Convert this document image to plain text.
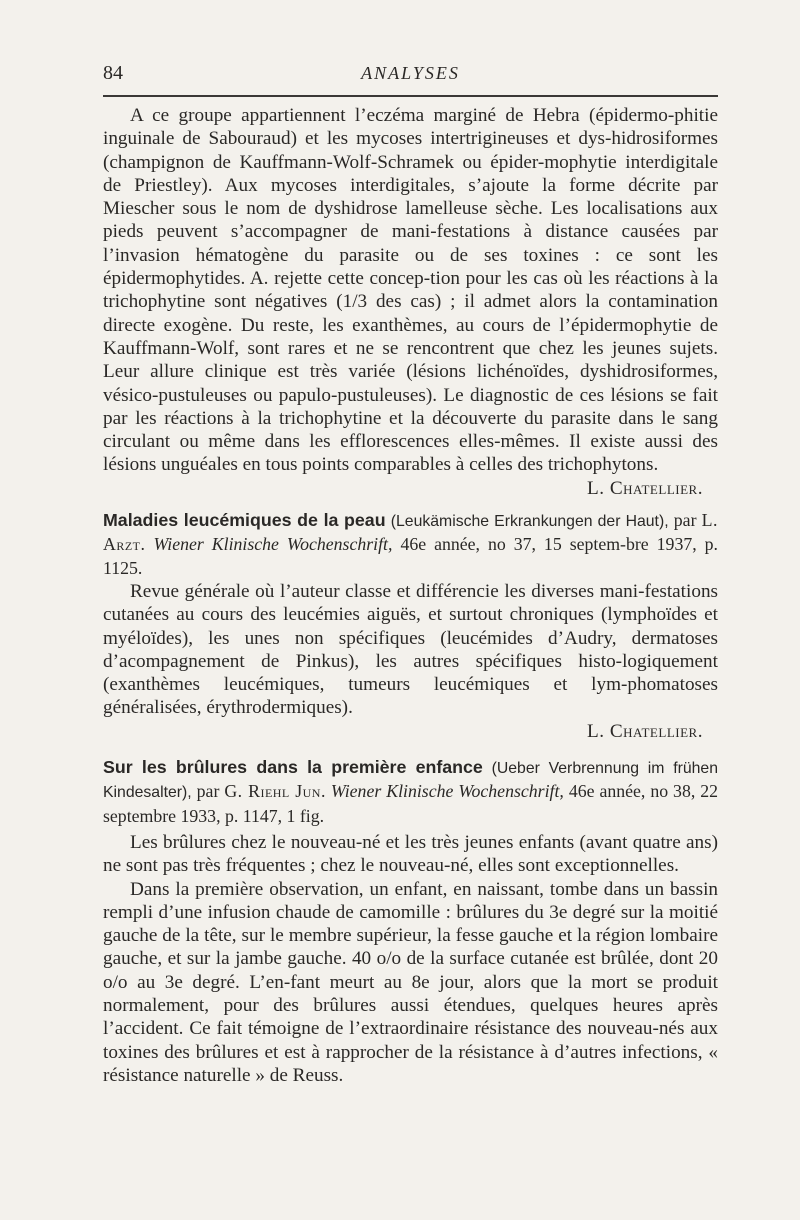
84	ANALYSES

A ce groupe appartiennent l’eczéma marginé de Hebra (épidermo-phitie inguinale de Sabouraud) et les mycoses intertrigineuses et dys-hidrosiformes (champignon de Kauffmann-Wolf-Schramek ou épider-mophytie interdigitale de Priestley). Aux mycoses interdigitales, s’ajoute la forme décrite par Miescher sous le nom de dyshidrose lamelleuse sèche. Les localisations aux pieds peuvent s’accompagner de mani-festations à distance causées par l’invasion hématogène du parasite ou de ses toxines : ce sont les épidermophytides. A. rejette cette concep-tion pour les cas où les réactions à la trichophytine sont négatives (1/3 des cas) ; il admet alors la contamination directe exogène. Du reste, les exanthèmes, au cours de l’épidermophytie de Kauffmann-Wolf, sont rares et ne se rencontrent que chez les jeunes sujets. Leur allure clinique est très variée (lésions lichénoïdes, dyshidrosiformes, vésico-pustuleuses ou papulo-pustuleuses). Le diagnostic de ces lésions se fait par les réactions à la trichophytine et la découverte du parasite dans le sang circulant ou même dans les efflorescences elles-mêmes. Il existe aussi des lésions unguéales en tous points comparables à celles des trichophytons.

L. Chatellier.

Maladies leucémiques de la peau (Leukämische Erkrankungen der Haut), par L. Arzt. Wiener Klinische Wochenschrift, 46e année, no 37, 15 septem-bre 1937, p. 1125.

Revue générale où l’auteur classe et différencie les diverses mani-festations cutanées au cours des leucémies aiguës, et surtout chroniques (lymphoïdes et myéloïdes), les unes non spécifiques (leucémides d’Audry, dermatoses d’acompagnement de Pinkus), les autres spécifiques histo-logiquement (exanthèmes leucémiques, tumeurs leucémiques et lym-phomatoses généralisées, érythrodermiques).

L. Chatellier.

Sur les brûlures dans la première enfance (Ueber Verbrennung im frühen Kindesalter), par G. Riehl Jun. Wiener Klinische Wochenschrift, 46e année, no 38, 22 septembre 1933, p. 1147, 1 fig.

Les brûlures chez le nouveau-né et les très jeunes enfants (avant quatre ans) ne sont pas très fréquentes ; chez le nouveau-né, elles sont exceptionnelles.

Dans la première observation, un enfant, en naissant, tombe dans un bassin rempli d’une infusion chaude de camomille : brûlures du 3e degré sur la moitié gauche de la tête, sur le membre supérieur, la fesse gauche et la région lombaire gauche, et sur la jambe gauche. 40 o/o de la surface cutanée est brûlée, dont 20 o/o au 3e degré. L’en-fant meurt au 8e jour, alors que la mort se produit normalement, pour des brûlures aussi étendues, quelques heures après l’accident. Ce fait témoigne de l’extraordinaire résistance des nouveau-nés aux toxines des brûlures et est à rapprocher de la résistance à d’autres infections, « résistance naturelle » de Reuss.
